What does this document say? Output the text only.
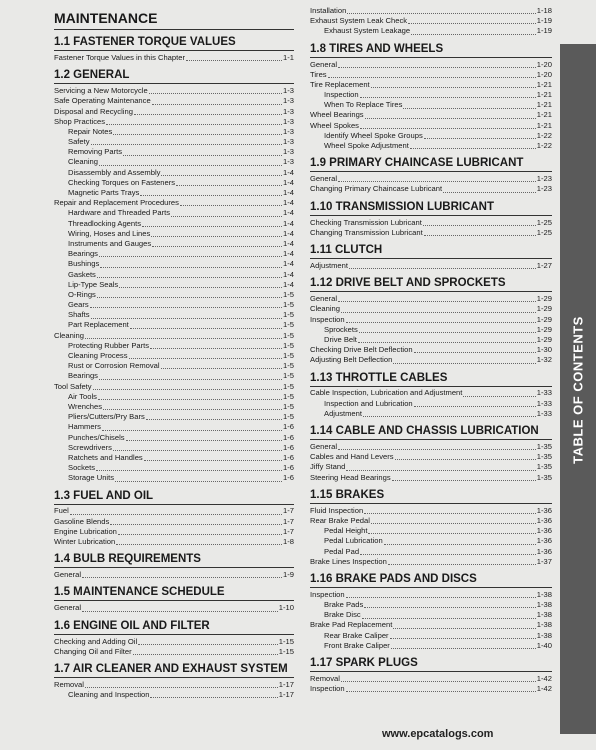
MAINTENANCE
1.1 FASTENER TORQUE VALUES
Fastener Torque Values in this Chapter	1-1
1.2 GENERAL
Servicing a New Motorcycle	1-3
Safe Operating Maintenance	1-3
Disposal and Recycling	1-3
Shop Practices	1-3
Repair Notes	1-3
Safety	1-3
Removing Parts	1-3
Cleaning	1-3
Disassembly and Assembly	1-4
Checking Torques on Fasteners	1-4
Magnetic Parts Trays	1-4
Repair and Replacement Procedures	1-4
Hardware and Threaded Parts	1-4
Threadlocking Agents	1-4
Wiring, Hoses and Lines	1-4
Instruments and Gauges	1-4
Bearings	1-4
Bushings	1-4
Gaskets	1-4
Lip-Type Seals	1-4
O-Rings	1-5
Gears	1-5
Shafts	1-5
Part Replacement	1-5
Cleaning	1-5
Protecting Rubber Parts	1-5
Cleaning Process	1-5
Rust or Corrosion Removal	1-5
Bearings	1-5
Tool Safety	1-5
Air Tools	1-5
Wrenches	1-5
Pliers/Cutters/Pry Bars	1-5
Hammers	1-6
Punches/Chisels	1-6
Screwdrivers	1-6
Ratchets and Handles	1-6
Sockets	1-6
Storage Units	1-6
1.3 FUEL AND OIL
Fuel	1-7
Gasoline Blends	1-7
Engine Lubrication	1-7
Winter Lubrication	1-8
1.4 BULB REQUIREMENTS
General	1-9
1.5 MAINTENANCE SCHEDULE
General	1-10
1.6 ENGINE OIL AND FILTER
Checking and Adding Oil	1-15
Changing Oil and Filter	1-15
1.7 AIR CLEANER AND EXHAUST SYSTEM
Removal	1-17
Cleaning and Inspection	1-17
Installation	1-18
Exhaust System Leak Check	1-19
Exhaust System Leakage	1-19
1.8 TIRES AND WHEELS
General	1-20
Tires	1-20
Tire Replacement	1-21
Inspection	1-21
When To Replace Tires	1-21
Wheel Bearings	1-21
Wheel Spokes	1-21
Identify Wheel Spoke Groups	1-22
Wheel Spoke Adjustment	1-22
1.9 PRIMARY CHAINCASE LUBRICANT
General	1-23
Changing Primary Chaincase Lubricant	1-23
1.10 TRANSMISSION LUBRICANT
Checking Transmission Lubricant	1-25
Changing Transmission Lubricant	1-25
1.11 CLUTCH
Adjustment	1-27
1.12 DRIVE BELT AND SPROCKETS
General	1-29
Cleaning	1-29
Inspection	1-29
Sprockets	1-29
Drive Belt	1-29
Checking Drive Belt Deflection	1-30
Adjusting Belt Deflection	1-32
1.13 THROTTLE CABLES
Cable Inspection, Lubrication and Adjustment	1-33
Inspection and Lubrication	1-33
Adjustment	1-33
1.14 CABLE AND CHASSIS LUBRICATION
General	1-35
Cables and Hand Levers	1-35
Jiffy Stand	1-35
Steering Head Bearings	1-35
1.15 BRAKES
Fluid Inspection	1-36
Rear Brake Pedal	1-36
Pedal Height	1-36
Pedal Lubrication	1-36
Pedal Pad	1-36
Brake Lines Inspection	1-37
1.16 BRAKE PADS AND DISCS
Inspection	1-38
Brake Pads	1-38
Brake Disc	1-38
Brake Pad Replacement	1-38
Rear Brake Caliper	1-38
Front Brake Caliper	1-40
1.17 SPARK PLUGS
Removal	1-42
Inspection	1-42
TABLE OF CONTENTS
www.epcatalogs.com
